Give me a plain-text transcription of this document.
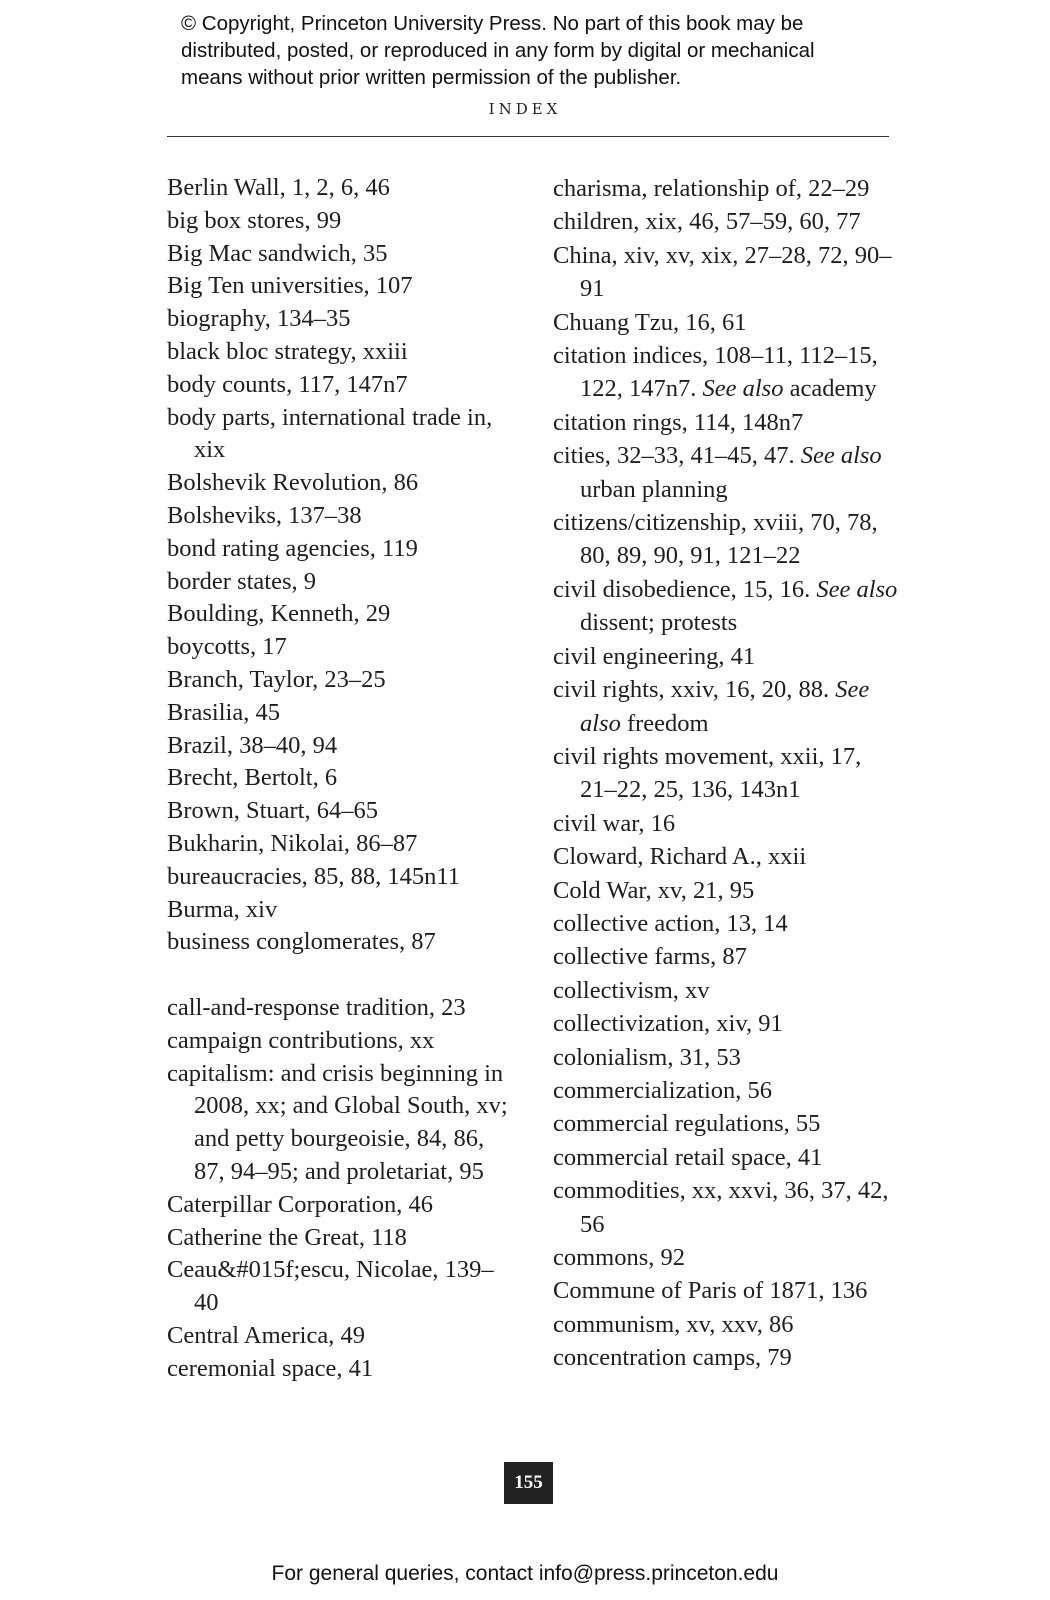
© Copyright, Princeton University Press. No part of this book may be
distributed, posted, or reproduced in any form by digital or mechanical
means without prior written permission of the publisher.
INDEX

Berlin Wall, 1, 2, 6, 46

big box stores, 99

Big Mac sandwich, 35

Big Ten universities, 107

biography, 134–35

black bloc strategy, xxiii

body counts, 117, 147n7

body parts, international trade in, xix

Bolshevik Revolution, 86

Bolsheviks, 137–38

bond rating agencies, 119

border states, 9

Boulding, Kenneth, 29

boycotts, 17

Branch, Taylor, 23–25

Brasilia, 45

Brazil, 38–40, 94

Brecht, Bertolt, 6

Brown, Stuart, 64–65

Bukharin, Nikolai, 86–87

bureaucracies, 85, 88, 145n11

Burma, xiv

business conglomerates, 87

call-and-response tradition, 23

campaign contributions, xx

capitalism: and crisis beginning in 2008, xx; and Global South, xv; and petty bourgeoisie, 84, 86, 87, 94–95; and proletariat, 95

Caterpillar Corporation, 46

Catherine the Great, 118

Ceau&#015f;escu, Nicolae, 139–40

Central America, 49

ceremonial space, 41

charisma, relationship of, 22–29

children, xix, 46, 57–59, 60, 77

China, xiv, xv, xix, 27–28, 72, 90–91

Chuang Tzu, 16, 61

citation indices, 108–11, 112–15, 122, 147n7. See also academy

citation rings, 114, 148n7

cities, 32–33, 41–45, 47. See also urban planning

citizens/citizenship, xviii, 70, 78, 80, 89, 90, 91, 121–22

civil disobedience, 15, 16. See also dissent; protests

civil engineering, 41

civil rights, xxiv, 16, 20, 88. See also freedom

civil rights movement, xxii, 17, 21–22, 25, 136, 143n1

civil war, 16

Cloward, Richard A., xxii

Cold War, xv, 21, 95

collective action, 13, 14

collective farms, 87

collectivism, xv

collectivization, xiv, 91

colonialism, 31, 53

commercialization, 56

commercial regulations, 55

commercial retail space, 41

commodities, xx, xxvi, 36, 37, 42, 56

commons, 92

Commune of Paris of 1871, 136

communism, xv, xxv, 86

concentration camps, 79

155
For general queries, contact info@press.princeton.edu
